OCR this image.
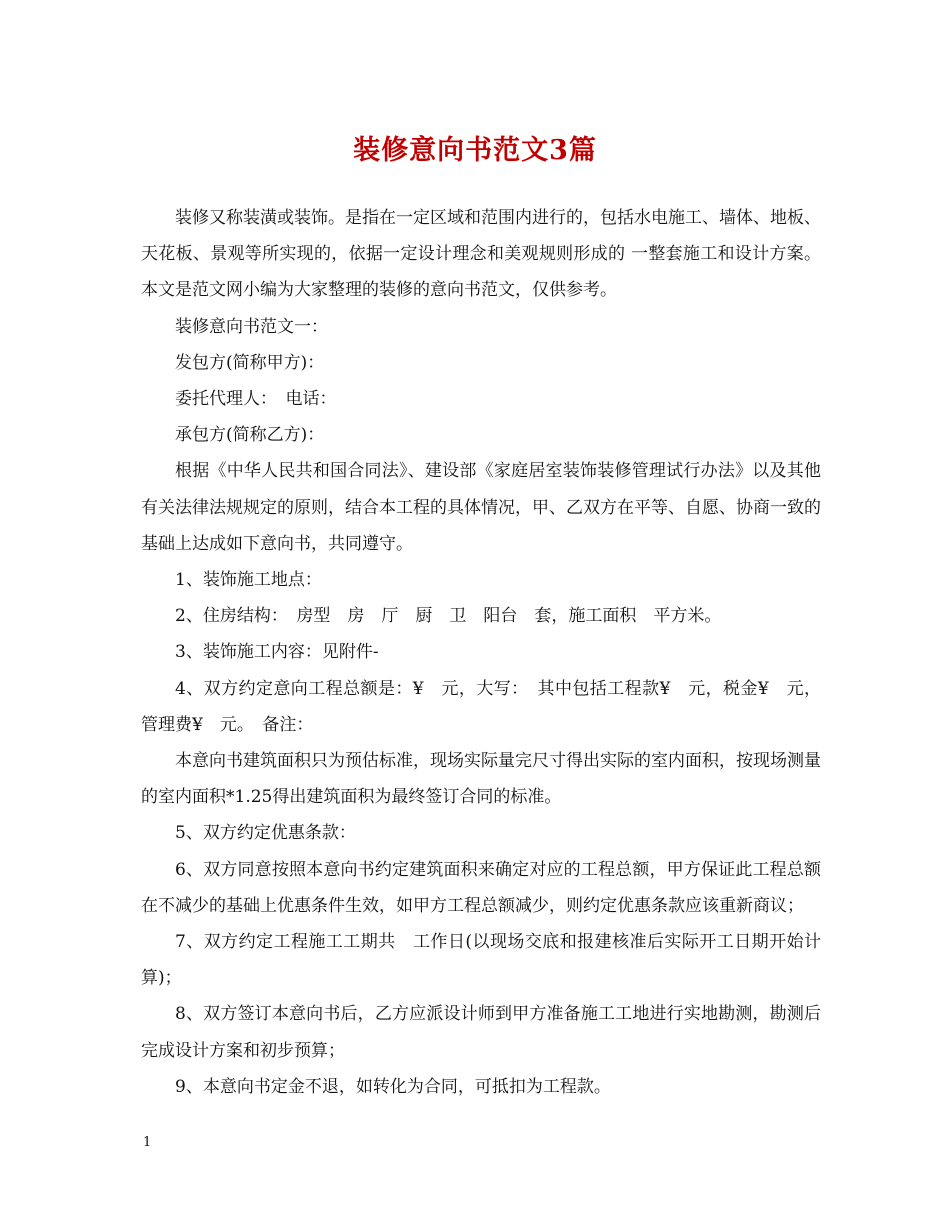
装修意向书范文3篇

装修又称装潢或装饰。是指在一定区域和范围内进行的，包括水电施工、墙体、地板、天花板、景观等所实现的，依据一定设计理念和美观规则形成的 一整套施工和设计方案。本文是范文网小编为大家整理的装修的意向书范文，仅供参考。

装修意向书范文一：

发包方(简称甲方)：

委托代理人：　电话：

承包方(简称乙方)：

根据《中华人民共和国合同法》、建设部《家庭居室装饰装修管理试行办法》以及其他有关法律法规规定的原则，结合本工程的具体情况，甲、乙双方在平等、自愿、协商一致的基础上达成如下意向书，共同遵守。

1、装饰施工地点：

2、住房结构：　房型　房　厅　厨　卫　阳台　套，施工面积　平方米。

3、装饰施工内容：见附件-

4、双方约定意向工程总额是：¥　元，大写：　其中包括工程款¥　元，税金¥　元，管理费¥　元。　备注：

本意向书建筑面积只为预估标准，现场实际量完尺寸得出实际的室内面积，按现场测量的室内面积*1.25得出建筑面积为最终签订合同的标准。

5、双方约定优惠条款：

6、双方同意按照本意向书约定建筑面积来确定对应的工程总额，甲方保证此工程总额在不减少的基础上优惠条件生效，如甲方工程总额减少，则约定优惠条款应该重新商议；

7、双方约定工程施工工期共　工作日(以现场交底和报建核准后实际开工日期开始计算)；

8、双方签订本意向书后，乙方应派设计师到甲方准备施工工地进行实地勘测，勘测后完成设计方案和初步预算；

9、本意向书定金不退，如转化为合同，可抵扣为工程款。

1
